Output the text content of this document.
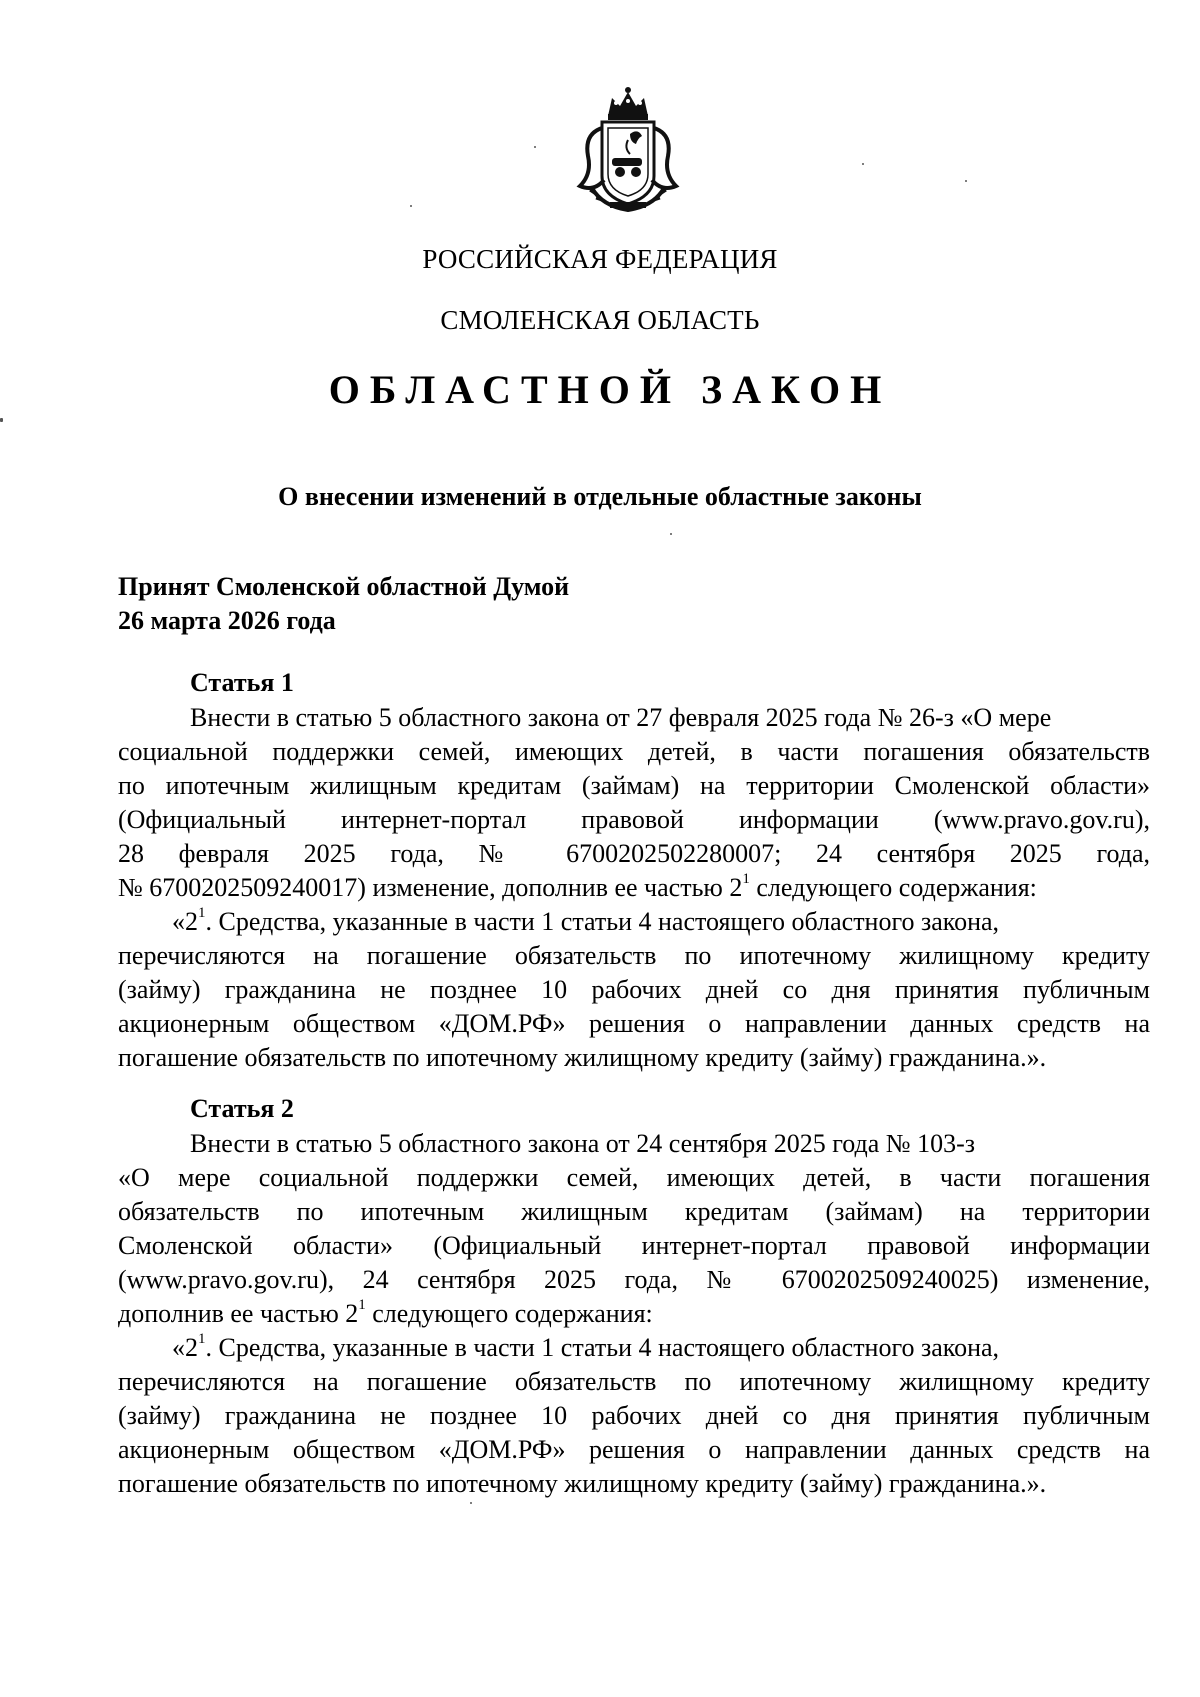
РОССИЙСКАЯ ФЕДЕРАЦИЯ
СМОЛЕНСКАЯ ОБЛАСТЬ
ОБЛАСТНОЙ ЗАКОН
О внесении изменений в отдельные областные законы
Принят Смоленской областной Думой
26 марта 2026 года
Статья 1
Внести в статью 5 областного закона от 27 февраля 2025 года № 26-з «О мере
социальной поддержки семей, имеющих детей, в части погашения обязательств
по ипотечным жилищным кредитам (займам) на территории Смоленской области»
(Официальный интернет-портал правовой информации (www.pravo.gov.ru),
28 февраля 2025 года, № 6700202502280007; 24 сентября 2025 года,
№ 6700202509240017) изменение, дополнив ее частью $2^1$ следующего содержания:
«$2^1$. Средства, указанные в части 1 статьи 4 настоящего областного закона,
перечисляются на погашение обязательств по ипотечному жилищному кредиту
(займу) гражданина не позднее 10 рабочих дней со дня принятия публичным
акционерным обществом «ДОМ.РФ» решения о направлении данных средств на
погашение обязательств по ипотечному жилищному кредиту (займу) гражданина.».
Статья 2
Внести в статью 5 областного закона от 24 сентября 2025 года № 103-з
«О мере социальной поддержки семей, имеющих детей, в части погашения
обязательств по ипотечным жилищным кредитам (займам) на территории
Смоленской области» (Официальный интернет-портал правовой информации
(www.pravo.gov.ru), 24 сентября 2025 года, № 6700202509240025) изменение,
дополнив ее частью $2^1$ следующего содержания:
«$2^1$. Средства, указанные в части 1 статьи 4 настоящего областного закона,
перечисляются на погашение обязательств по ипотечному жилищному кредиту
(займу) гражданина не позднее 10 рабочих дней со дня принятия публичным
акционерным обществом «ДОМ.РФ» решения о направлении данных средств на
погашение обязательств по ипотечному жилищному кредиту (займу) гражданина.».
